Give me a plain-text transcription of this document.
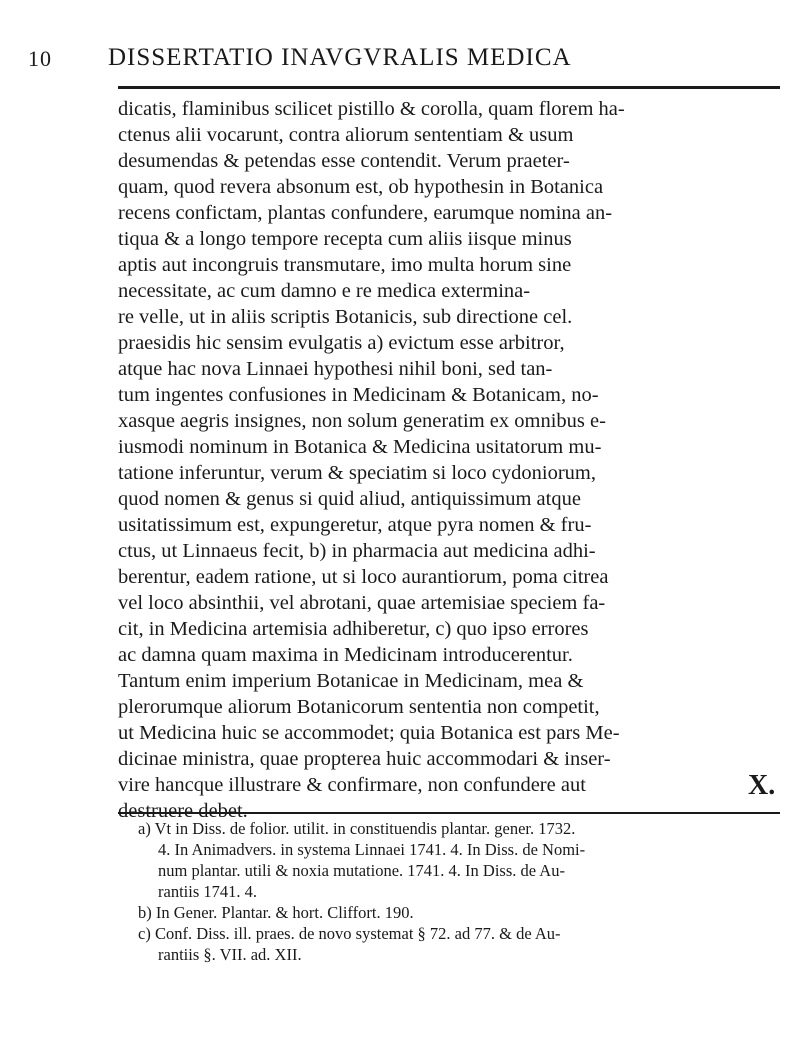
10 DISSERTATIO INAVGVRALIS MEDICA
dicatis, flaminibus scilicet pistillo & corolla, quam florem ha-
ctenus alii vocarunt, contra aliorum sententiam & usum
desumendas & petendas esse contendit. Verum praeter-
quam, quod revera absonum est, ob hypothesin in Botanica
recens confictam, plantas confundere, earumque nomina an-
tiqua & a longo tempore recepta cum aliis iisque minus
aptis aut incongruis transmutare, imo multa horum sine
necessitate, ac cum damno e re medica extermina-
re velle, ut in aliis scriptis Botanicis, sub directione cel.
praesidis hic sensim evulgatis a) evictum esse arbitror,
atque hac nova Linnaei hypothesi nihil boni, sed tan-
tum ingentes confusiones in Medicinam & Botanicam, no-
xasque aegris insignes, non solum generatim ex omnibus e-
iusmodi nominum in Botanica & Medicina usitatorum mu-
tatione inferuntur, verum & speciatim si loco cydoniorum,
quod nomen & genus si quid aliud, antiquissimum atque
usitatissimum est, expungeretur, atque pyra nomen & fru-
ctus, ut Linnaeus fecit, b) in pharmacia aut medicina adhi-
berentur, eadem ratione, ut si loco aurantiorum, poma citrea
vel loco absinthii, vel abrotani, quae artemisiae speciem fa-
cit, in Medicina artemisia adhiberetur, c) quo ipso errores
ac damna quam maxima in Medicinam introducerentur.
Tantum enim imperium Botanicae in Medicinam, mea &
plerorumque aliorum Botanicorum sententia non competit,
ut Medicina huic se accommodet; quia Botanica est pars Me-
dicinae ministra, quae propterea huic accommodari & inser-
vire hancque illustrare & confirmare, non confundere aut
destruere debet.
X.
a) Vt in Diss. de folior. utilit. in constituendis plantar. gener. 1732.
4. In Animadvers. in systema Linnaei 1741. 4. In Diss. de Nomi-
num plantar. utili & noxia mutatione. 1741. 4. In Diss. de Au-
rantiis 1741. 4.
b) In Gener. Plantar. & hort. Cliffort. 190.
c) Conf. Diss. ill. praes. de novo systemat § 72. ad 77. & de Au-
rantiis §. VII. ad. XII.
